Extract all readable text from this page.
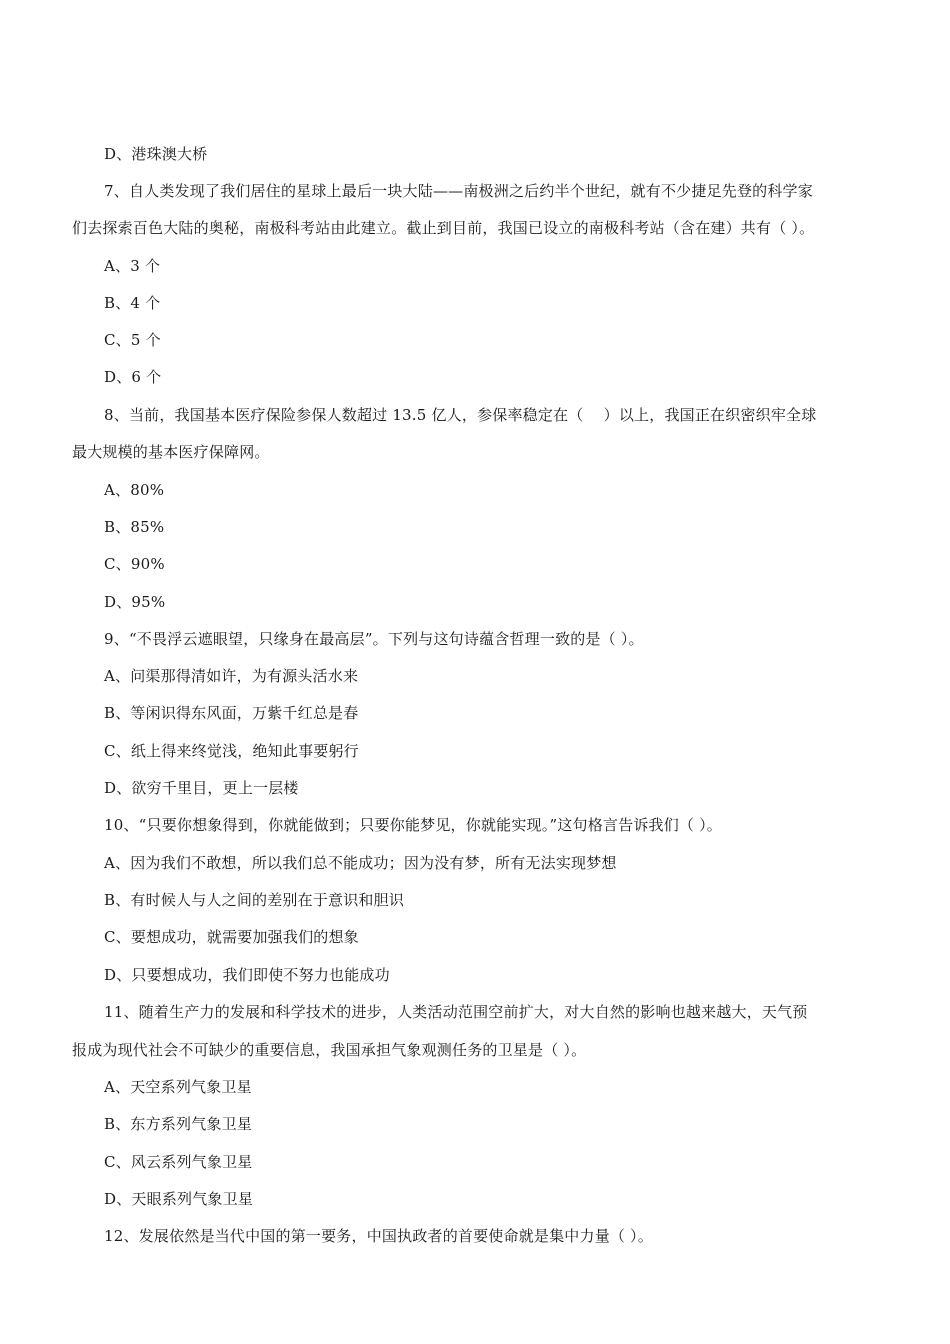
D、港珠澳大桥
7、自人类发现了我们居住的星球上最后一块大陆——南极洲之后约半个世纪，就有不少捷足先登的科学家
们去探索百色大陆的奥秘，南极科考站由此建立。截止到目前，我国已设立的南极科考站（含在建）共有（ ）。
A、3 个
B、4 个
C、5 个
D、6 个
8、当前，我国基本医疗保险参保人数超过 13.5 亿人，参保率稳定在（　 ）以上，我国正在织密织牢全球
最大规模的基本医疗保障网。
A、80%
B、85%
C、90%
D、95%
9、“不畏浮云遮眼望，只缘身在最高层”。下列与这句诗蕴含哲理一致的是（ ）。
A、问渠那得清如许，为有源头活水来
B、等闲识得东风面，万紫千红总是春
C、纸上得来终觉浅，绝知此事要躬行
D、欲穷千里目，更上一层楼
10、“只要你想象得到，你就能做到；只要你能梦见，你就能实现。”这句格言告诉我们（ ）。
A、因为我们不敢想，所以我们总不能成功；因为没有梦，所有无法实现梦想
B、有时候人与人之间的差别在于意识和胆识
C、要想成功，就需要加强我们的想象
D、只要想成功，我们即使不努力也能成功
11、随着生产力的发展和科学技术的进步，人类活动范围空前扩大，对大自然的影响也越来越大，天气预
报成为现代社会不可缺少的重要信息，我国承担气象观测任务的卫星是（ ）。
A、天空系列气象卫星
B、东方系列气象卫星
C、风云系列气象卫星
D、天眼系列气象卫星
12、发展依然是当代中国的第一要务，中国执政者的首要使命就是集中力量（ ）。
